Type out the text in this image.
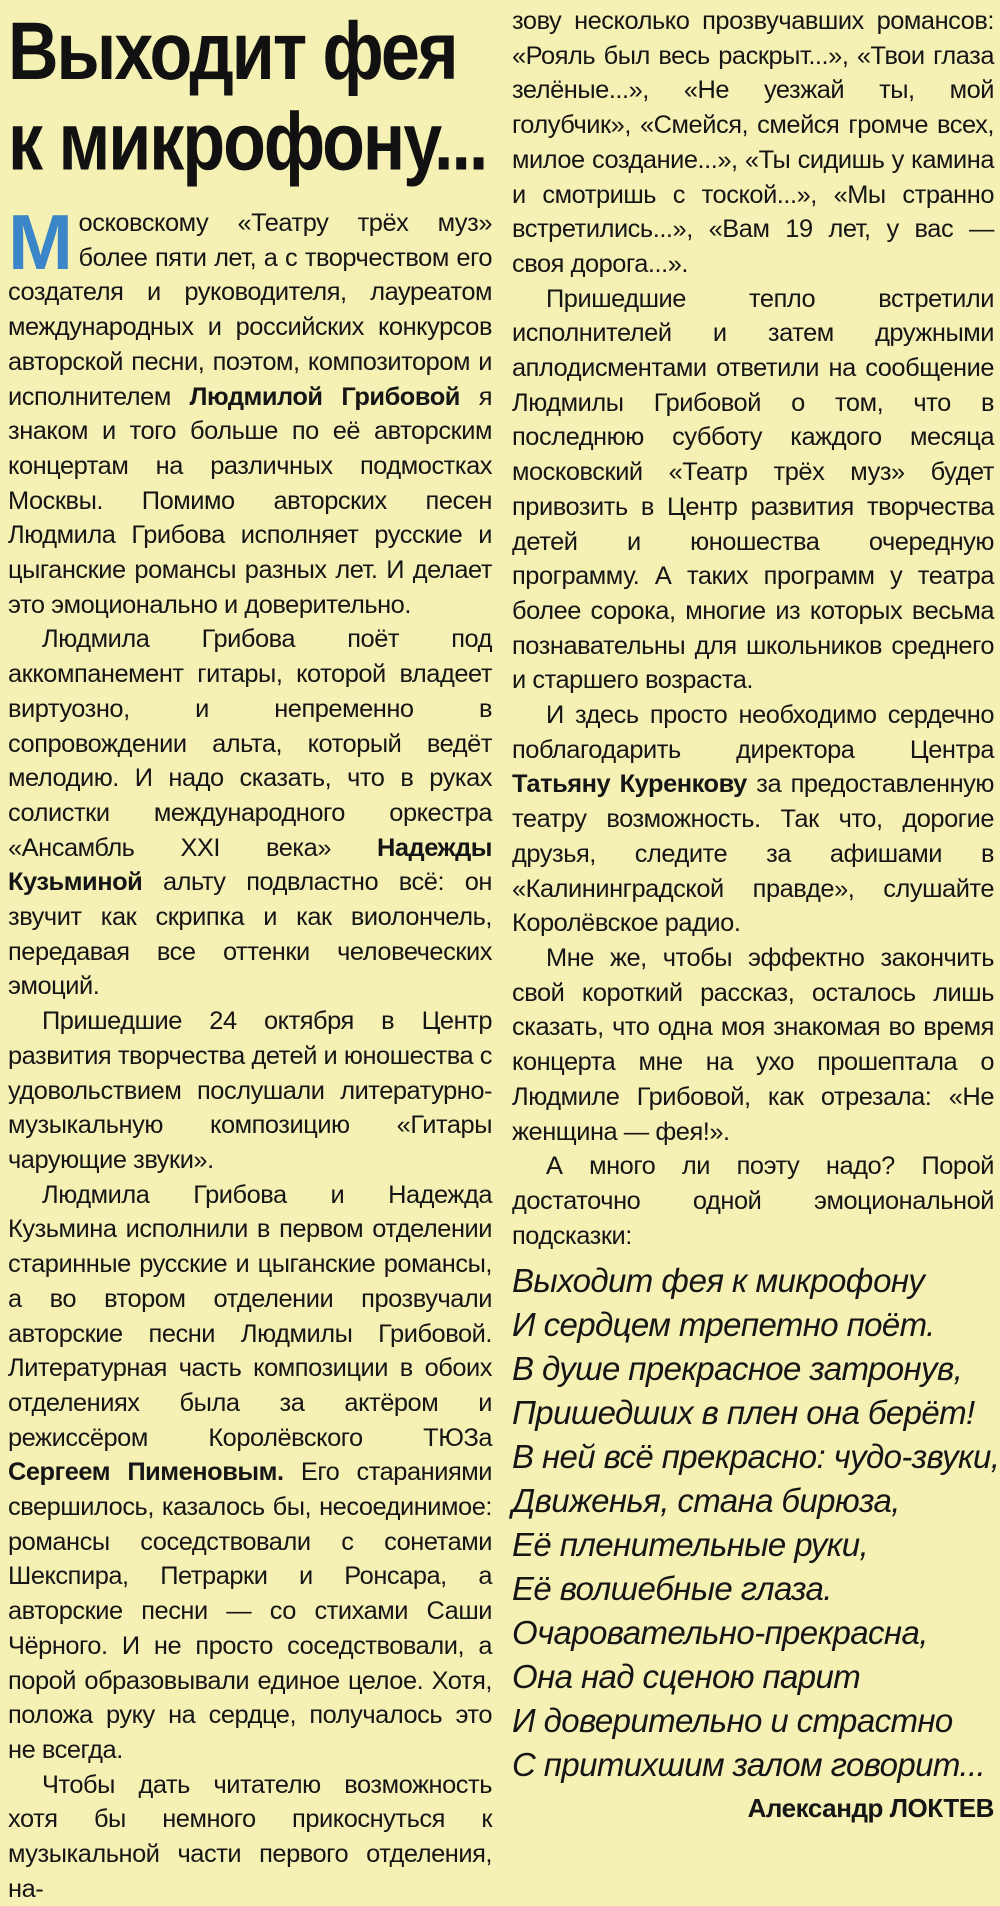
Выходит фея
к микрофону...

Московскому «Театру трёх муз» более пяти лет, а с творчеством его создателя и руководителя, лауреатом международных и российских конкурсов авторской песни, поэтом, композитором и исполнителем Людмилой Грибовой я знаком и того больше по её авторским концертам на различных подмостках Москвы. Помимо авторских песен Людмила Грибова исполняет русские и цыганские романсы разных лет. И делает это эмоционально и доверительно.

Людмила Грибова поёт под аккомпанемент гитары, которой владеет виртуозно, и непременно в сопровождении альта, который ведёт мелодию. И надо сказать, что в руках солистки международного оркестра «Ансамбль XXI века» Надежды Кузьминой альту подвластно всё: он звучит как скрипка и как виолончель, передавая все оттенки человеческих эмоций.

Пришедшие 24 октября в Центр развития творчества детей и юношества с удовольствием послушали литературно-музыкальную композицию «Гитары чарующие звуки».

Людмила Грибова и Надежда Кузьмина исполнили в первом отделении старинные русские и цыганские романсы, а во втором отделении прозвучали авторские песни Людмилы Грибовой. Литературная часть композиции в обоих отделениях была за актёром и режиссёром Королёвского ТЮЗа Сергеем Пименовым. Его стараниями свершилось, казалось бы, несоединимое: романсы соседствовали с сонетами Шекспира, Петрарки и Ронсара, а авторские песни — со стихами Саши Чёрного. И не просто соседствовали, а порой образовывали единое целое. Хотя, положа руку на сердце, получалось это не всегда.

Чтобы дать читателю возможность хотя бы немного прикоснуться к музыкальной части первого отделения, на-

зову несколько прозвучавших романсов: «Рояль был весь раскрыт...», «Твои глаза зелёные...», «Не уезжай ты, мой голубчик», «Смейся, смейся громче всех, милое создание...», «Ты сидишь у камина и смотришь с тоской...», «Мы странно встретились...», «Вам 19 лет, у вас — своя дорога...».

Пришедшие тепло встретили исполнителей и затем дружными аплодисментами ответили на сообщение Людмилы Грибовой о том, что в последнюю субботу каждого месяца московский «Театр трёх муз» будет привозить в Центр развития творчества детей и юношества очередную программу. А таких программ у театра более сорока, многие из которых весьма познавательны для школьников среднего и старшего возраста.

И здесь просто необходимо сердечно поблагодарить директора Центра Татьяну Куренкову за предоставленную театру возможность. Так что, дорогие друзья, следите за афишами в «Калининградской правде», слушайте Королёвское радио.

Мне же, чтобы эффектно закончить свой короткий рассказ, осталось лишь сказать, что одна моя знакомая во время концерта мне на ухо прошептала о Людмиле Грибовой, как отрезала: «Не женщина — фея!».

А много ли поэту надо? Порой достаточно одной эмоциональной подсказки:

Выходит фея к микрофону
И сердцем трепетно поёт.
В душе прекрасное затронув,
Пришедших в плен она берёт!
В ней всё прекрасно: чудо-звуки,
Движенья, стана бирюза,
Её пленительные руки,
Её волшебные глаза.
Очаровательно-прекрасна,
Она над сценою парит
И доверительно и страстно
С притихшим залом говорит...
Александр ЛОКТЕВ
